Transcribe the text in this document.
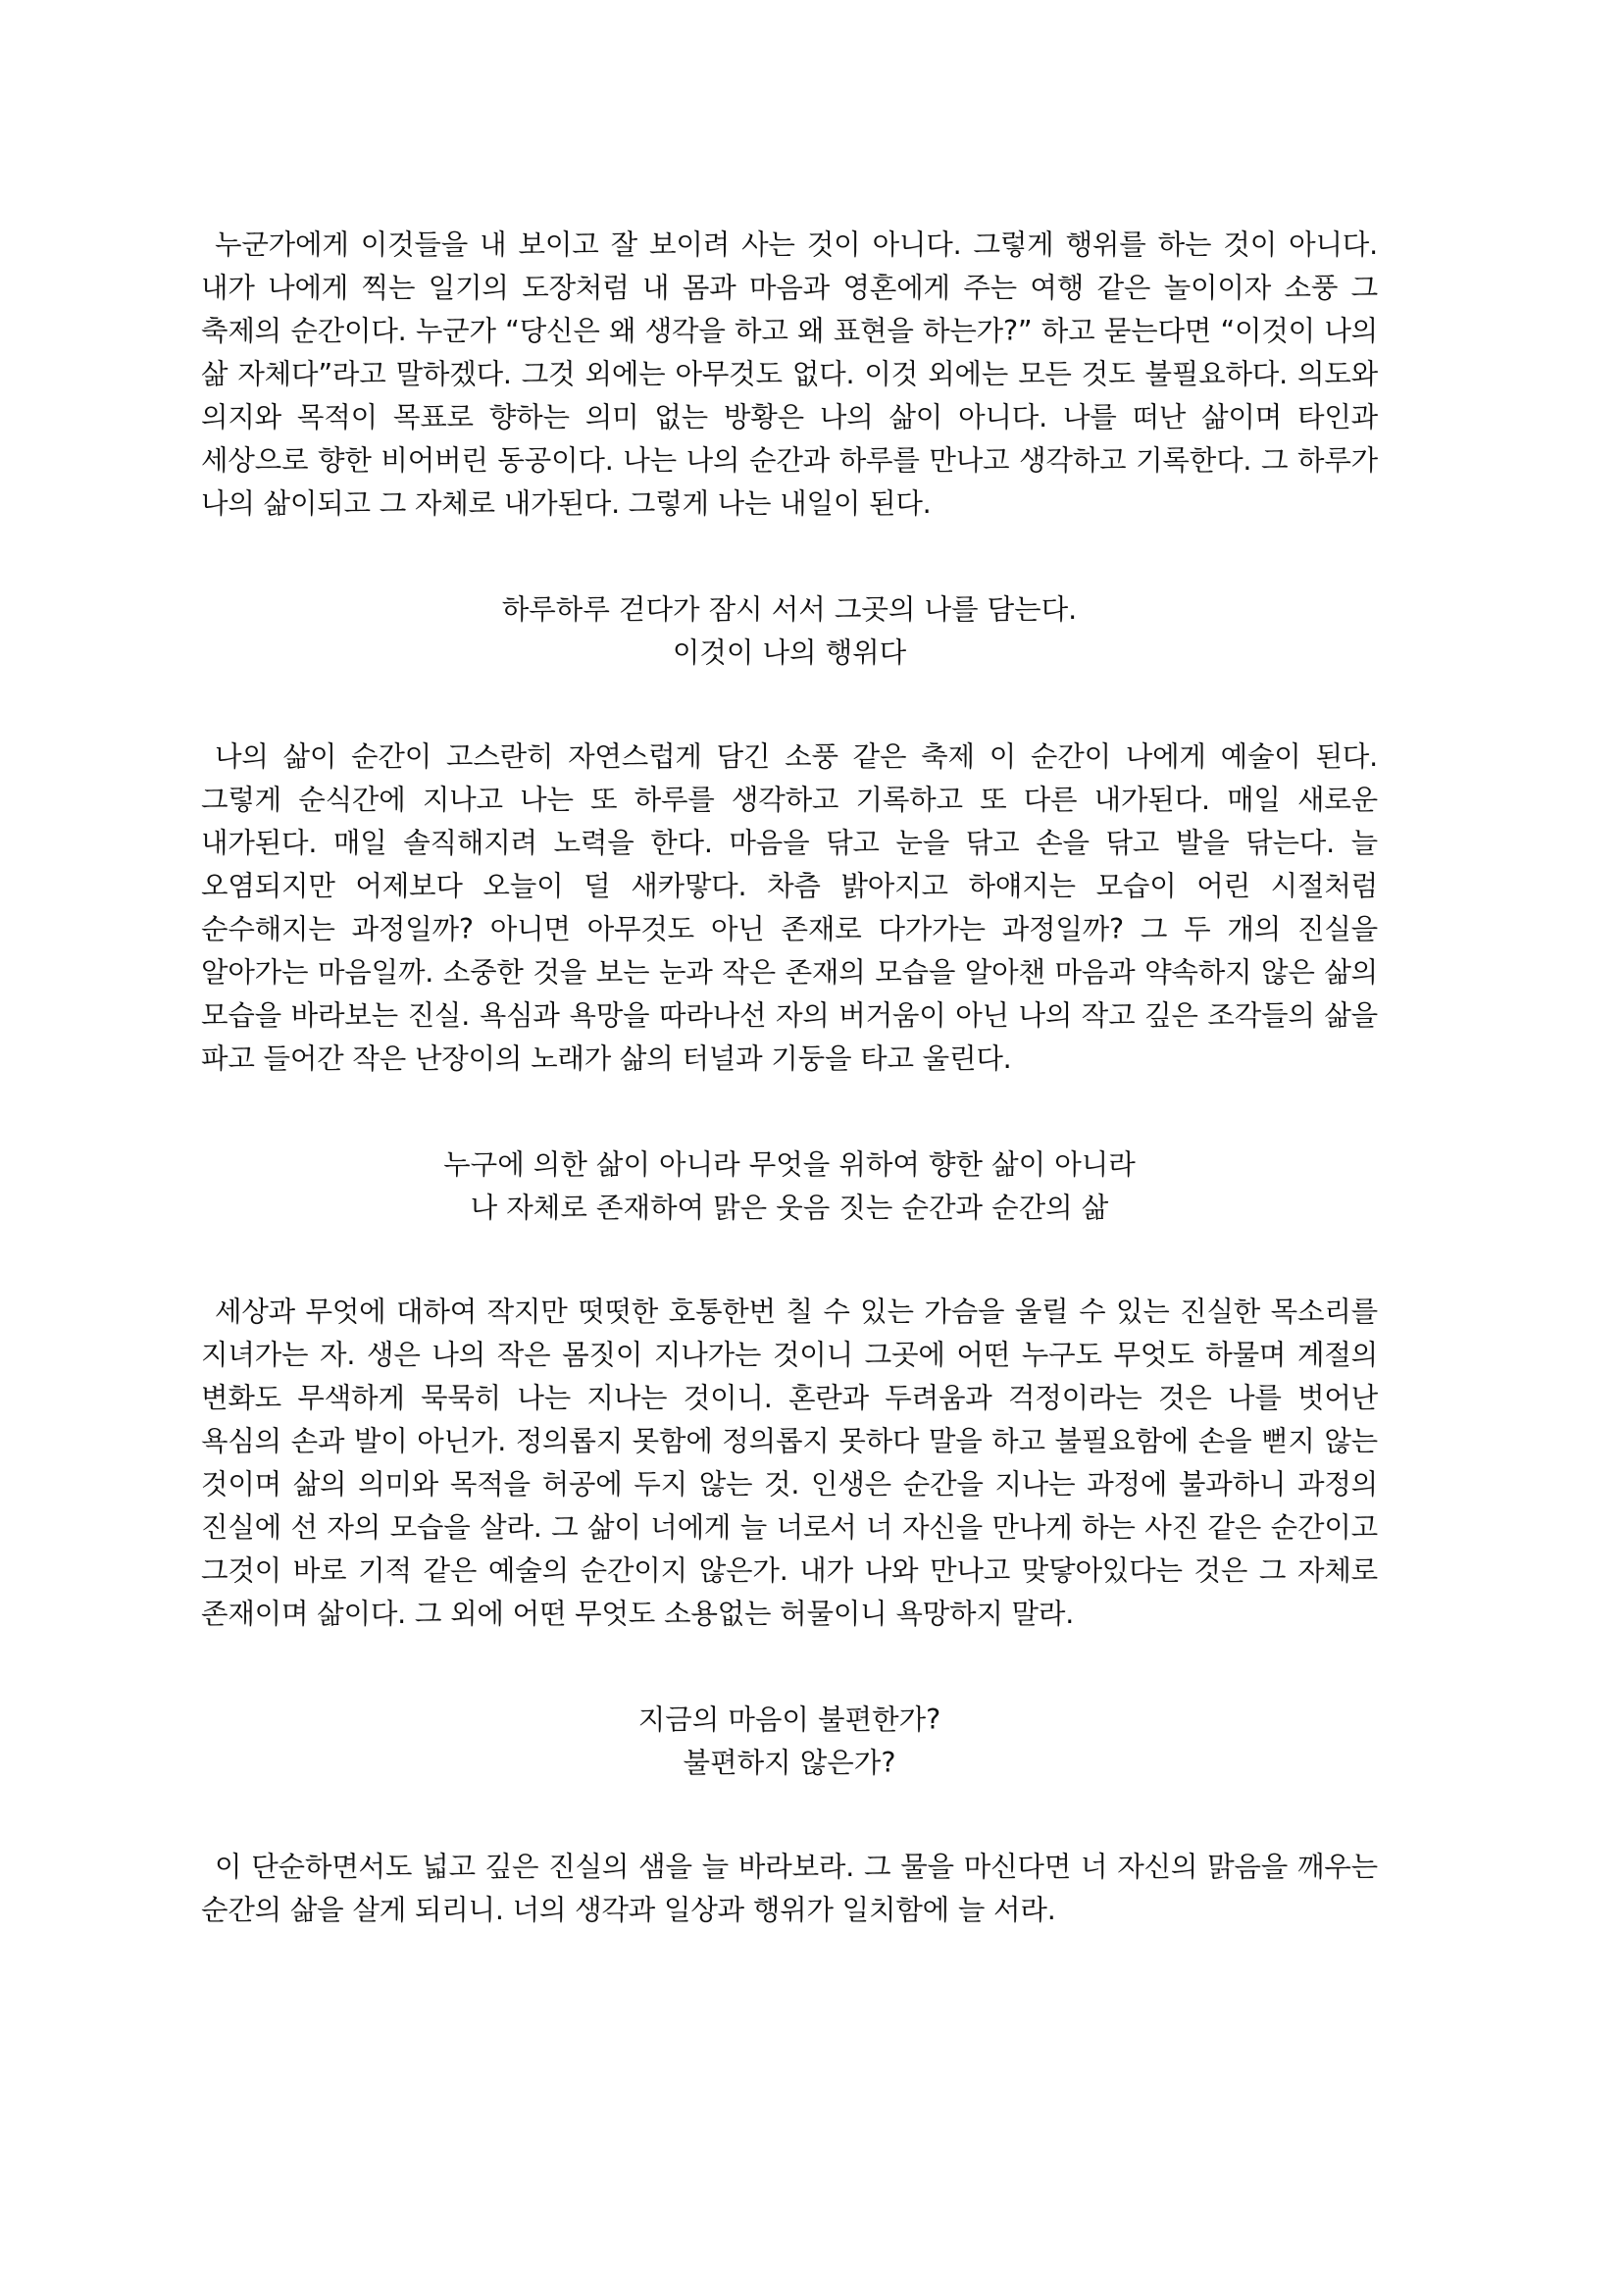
누군가에게 이것들을 내 보이고 잘 보이려 사는 것이 아니다. 그렇게 행위를 하는 것이 아니다. 내가 나에게 찍는 일기의 도장처럼 내 몸과 마음과 영혼에게 주는 여행 같은 놀이이자 소풍 그 축제의 순간이다. 누군가 “당신은 왜 생각을 하고 왜 표현을 하는가?” 하고 묻는다면 “이것이 나의 삶 자체다”라고 말하겠다. 그것 외에는 아무것도 없다. 이것 외에는 모든 것도 불필요하다. 의도와 의지와 목적이 목표로 향하는 의미 없는 방황은 나의 삶이 아니다. 나를 떠난 삶이며 타인과 세상으로 향한 비어버린 동공이다. 나는 나의 순간과 하루를 만나고 생각하고 기록한다. 그 하루가 나의 삶이되고 그 자체로 내가된다. 그렇게 나는 내일이 된다.

하루하루 걷다가 잠시 서서 그곳의 나를 담는다.
이것이 나의 행위다

나의 삶이 순간이 고스란히 자연스럽게 담긴 소풍 같은 축제 이 순간이 나에게 예술이 된다. 그렇게 순식간에 지나고 나는 또 하루를 생각하고 기록하고 또 다른 내가된다. 매일 새로운 내가된다. 매일 솔직해지려 노력을 한다. 마음을 닦고 눈을 닦고 손을 닦고 발을 닦는다. 늘 오염되지만 어제보다 오늘이 덜 새카맣다. 차츰 밝아지고 하얘지는 모습이 어린 시절처럼 순수해지는 과정일까? 아니면 아무것도 아닌 존재로 다가가는 과정일까? 그 두 개의 진실을 알아가는 마음일까. 소중한 것을 보는 눈과 작은 존재의 모습을 알아챈 마음과 약속하지 않은 삶의 모습을 바라보는 진실. 욕심과 욕망을 따라나선 자의 버거움이 아닌 나의 작고 깊은 조각들의 삶을 파고 들어간 작은 난장이의 노래가 삶의 터널과 기둥을 타고 울린다.

누구에 의한 삶이 아니라 무엇을 위하여 향한 삶이 아니라
나 자체로 존재하여 맑은 웃음 짓는 순간과 순간의 삶

세상과 무엇에 대하여 작지만 떳떳한 호통한번 칠 수 있는 가슴을 울릴 수 있는 진실한 목소리를 지녀가는 자. 생은 나의 작은 몸짓이 지나가는 것이니 그곳에 어떤 누구도 무엇도 하물며 계절의 변화도 무색하게 묵묵히 나는 지나는 것이니. 혼란과 두려움과 걱정이라는 것은 나를 벗어난 욕심의 손과 발이 아닌가. 정의롭지 못함에 정의롭지 못하다 말을 하고 불필요함에 손을 뻗지 않는 것이며 삶의 의미와 목적을 허공에 두지 않는 것. 인생은 순간을 지나는 과정에 불과하니 과정의 진실에 선 자의 모습을 살라. 그 삶이 너에게 늘 너로서 너 자신을 만나게 하는 사진 같은 순간이고 그것이 바로 기적 같은 예술의 순간이지 않은가. 내가 나와 만나고 맞닿아있다는 것은 그 자체로 존재이며 삶이다. 그 외에 어떤 무엇도 소용없는 허물이니 욕망하지 말라.

지금의 마음이 불편한가?
불편하지 않은가?

이 단순하면서도 넓고 깊은 진실의 샘을 늘 바라보라. 그 물을 마신다면 너 자신의 맑음을 깨우는 순간의 삶을 살게 되리니. 너의 생각과 일상과 행위가 일치함에 늘 서라.
